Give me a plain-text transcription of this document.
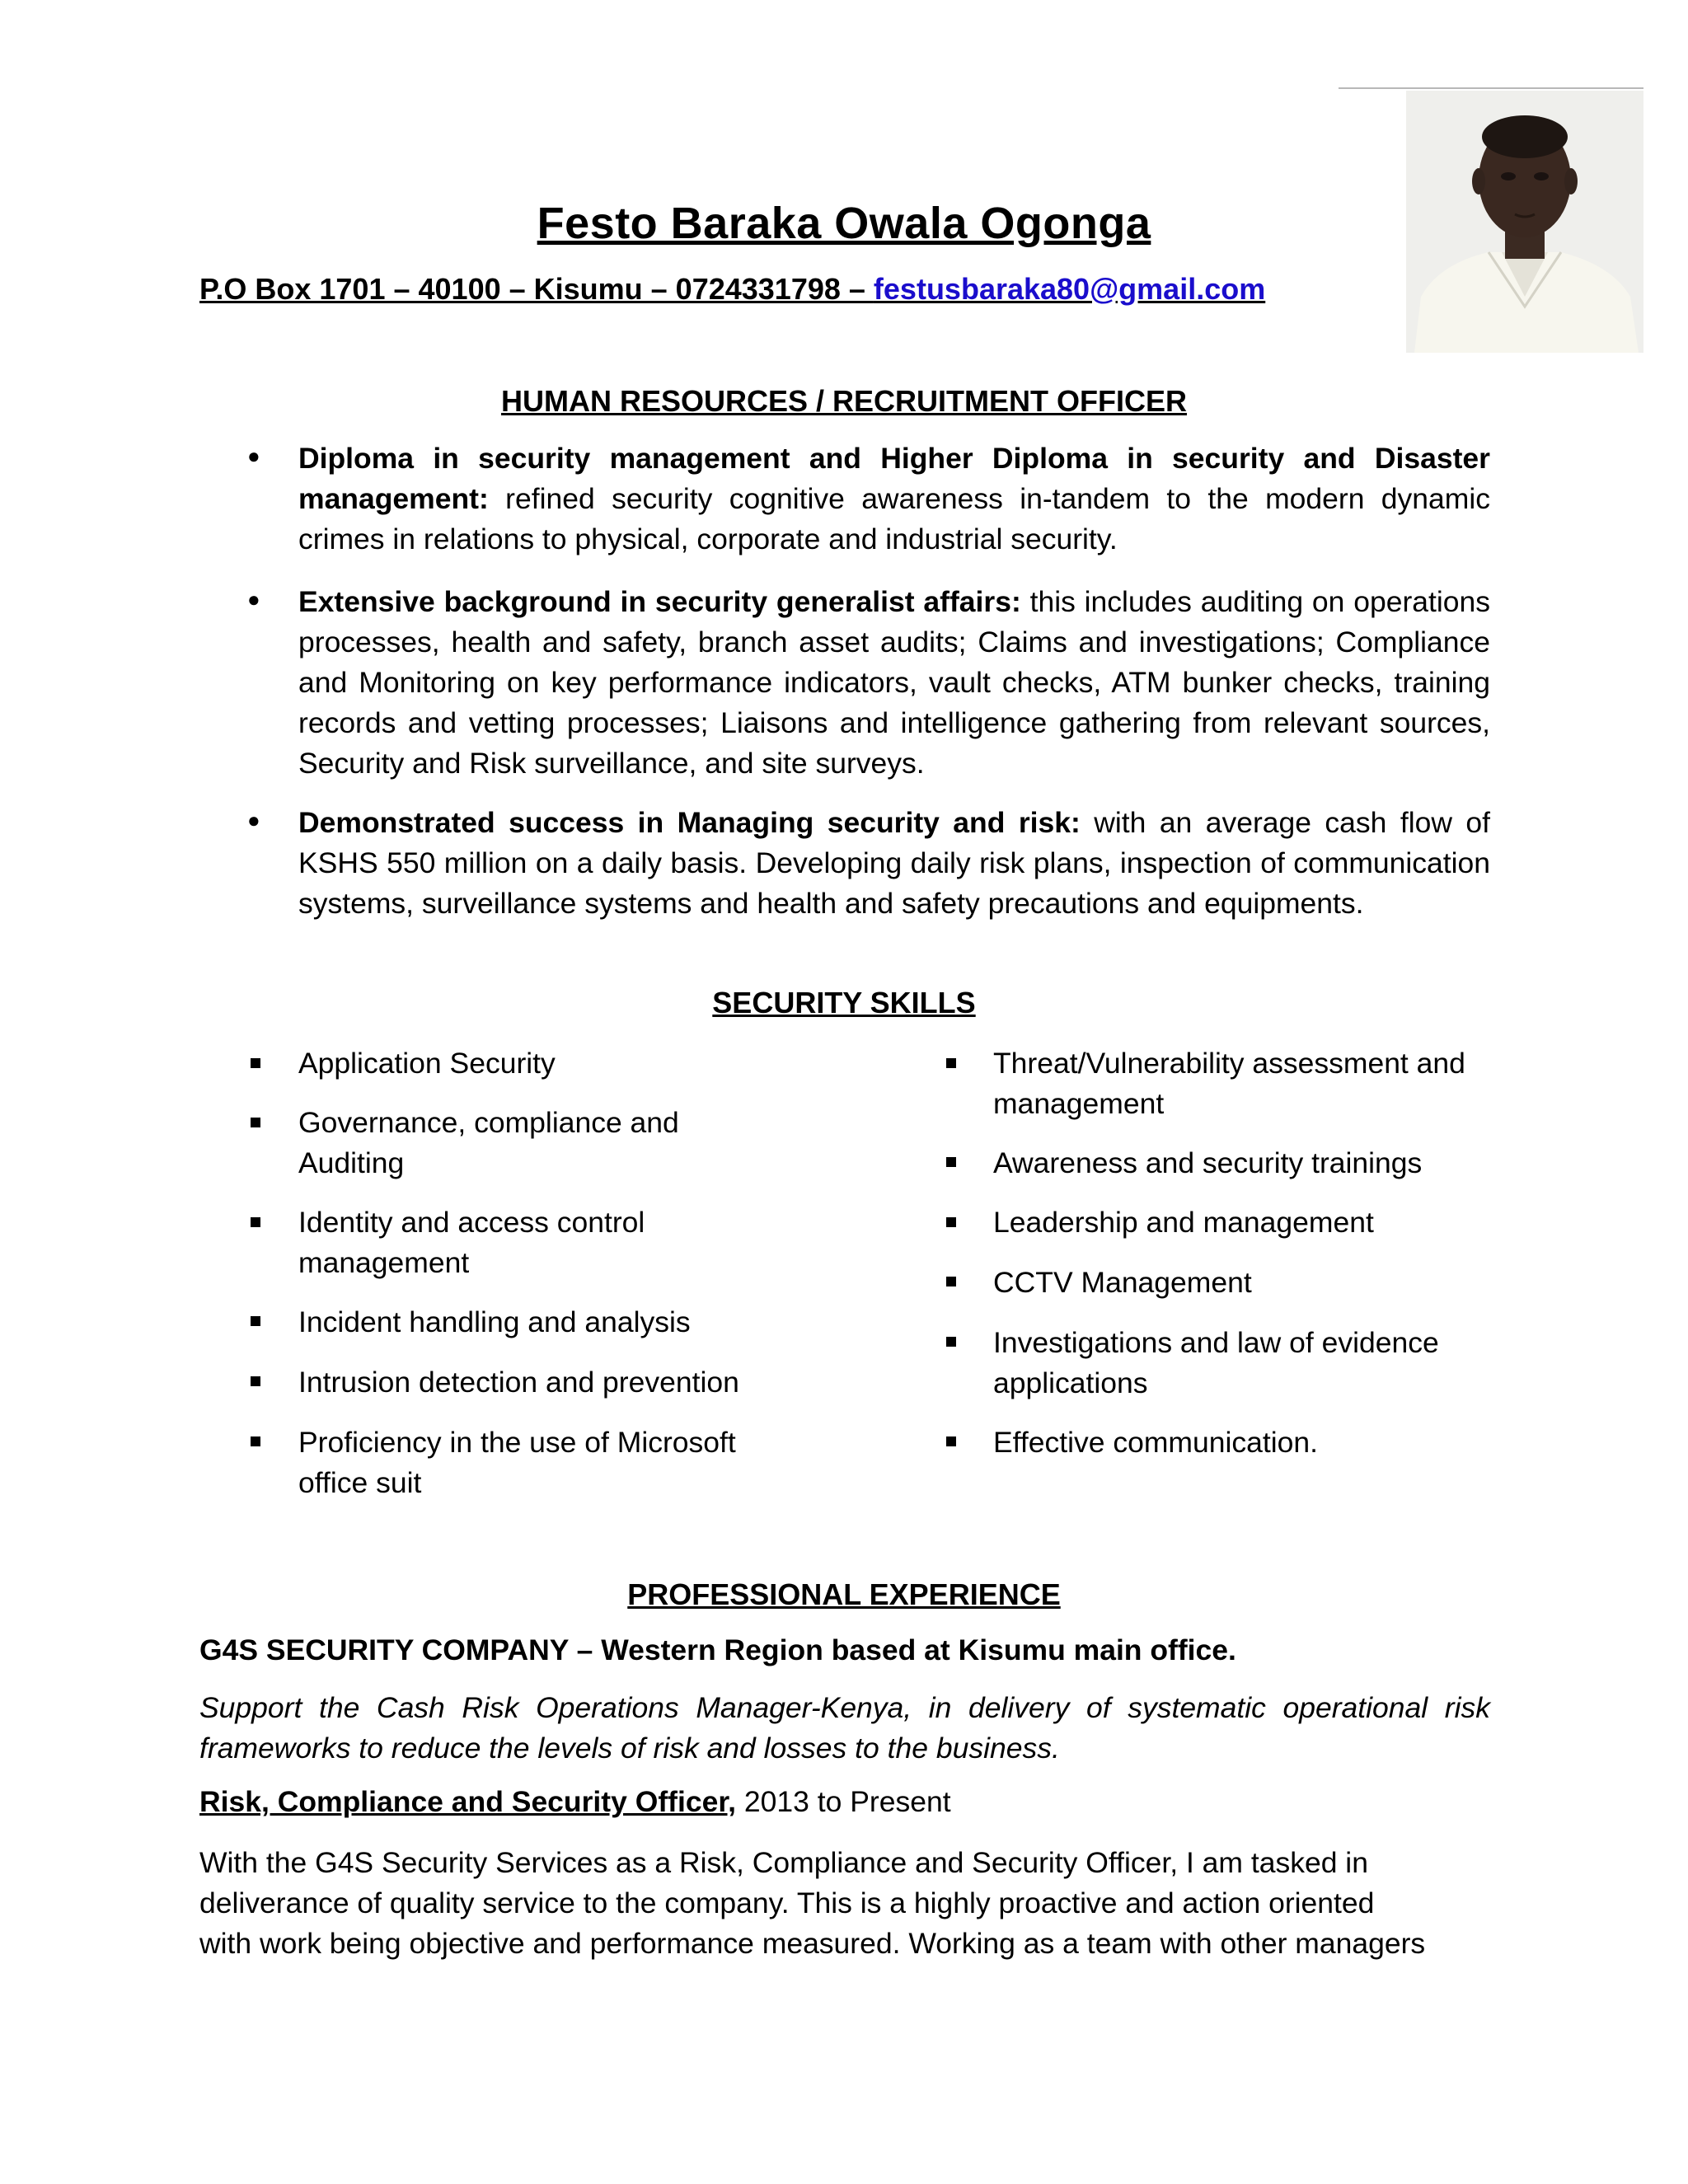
Festo Baraka Owala Ogonga
P.O Box 1701 – 40100 – Kisumu – 0724331798 – festusbaraka80@gmail.com
HUMAN RESOURCES / RECRUITMENT OFFICER
● Diploma in security management and Higher Diploma in security and Disaster management: refined security cognitive awareness in-tandem to the modern dynamic crimes in relations to physical, corporate and industrial security.
● Extensive background in security generalist affairs: this includes auditing on operations processes, health and safety, branch asset audits; Claims and investigations; Compliance and Monitoring on key performance indicators, vault checks, ATM bunker checks, training records and vetting processes; Liaisons and intelligence gathering from relevant sources, Security and Risk surveillance, and site surveys.
● Demonstrated success in Managing security and risk: with an average cash flow of KSHS 550 million on a daily basis. Developing daily risk plans, inspection of communication systems, surveillance systems and health and safety precautions and equipments.
SECURITY SKILLS
Application Security
Governance, compliance and Auditing
Identity and access control management
Incident handling and analysis
Intrusion detection and prevention
Proficiency in the use of Microsoft office suit
Threat/Vulnerability assessment and management
Awareness and security trainings
Leadership and management
CCTV Management
Investigations and law of evidence applications
Effective communication.
PROFESSIONAL EXPERIENCE
G4S SECURITY COMPANY – Western Region based at Kisumu main office.
Support the Cash Risk Operations Manager-Kenya, in delivery of systematic operational risk frameworks to reduce the levels of risk and losses to the business.
Risk, Compliance and Security Officer, 2013 to Present
With the G4S Security Services as a Risk, Compliance and Security Officer, I am tasked in
deliverance of quality service to the company. This is a highly proactive and action oriented
with work being objective and performance measured. Working as a team with other managers
